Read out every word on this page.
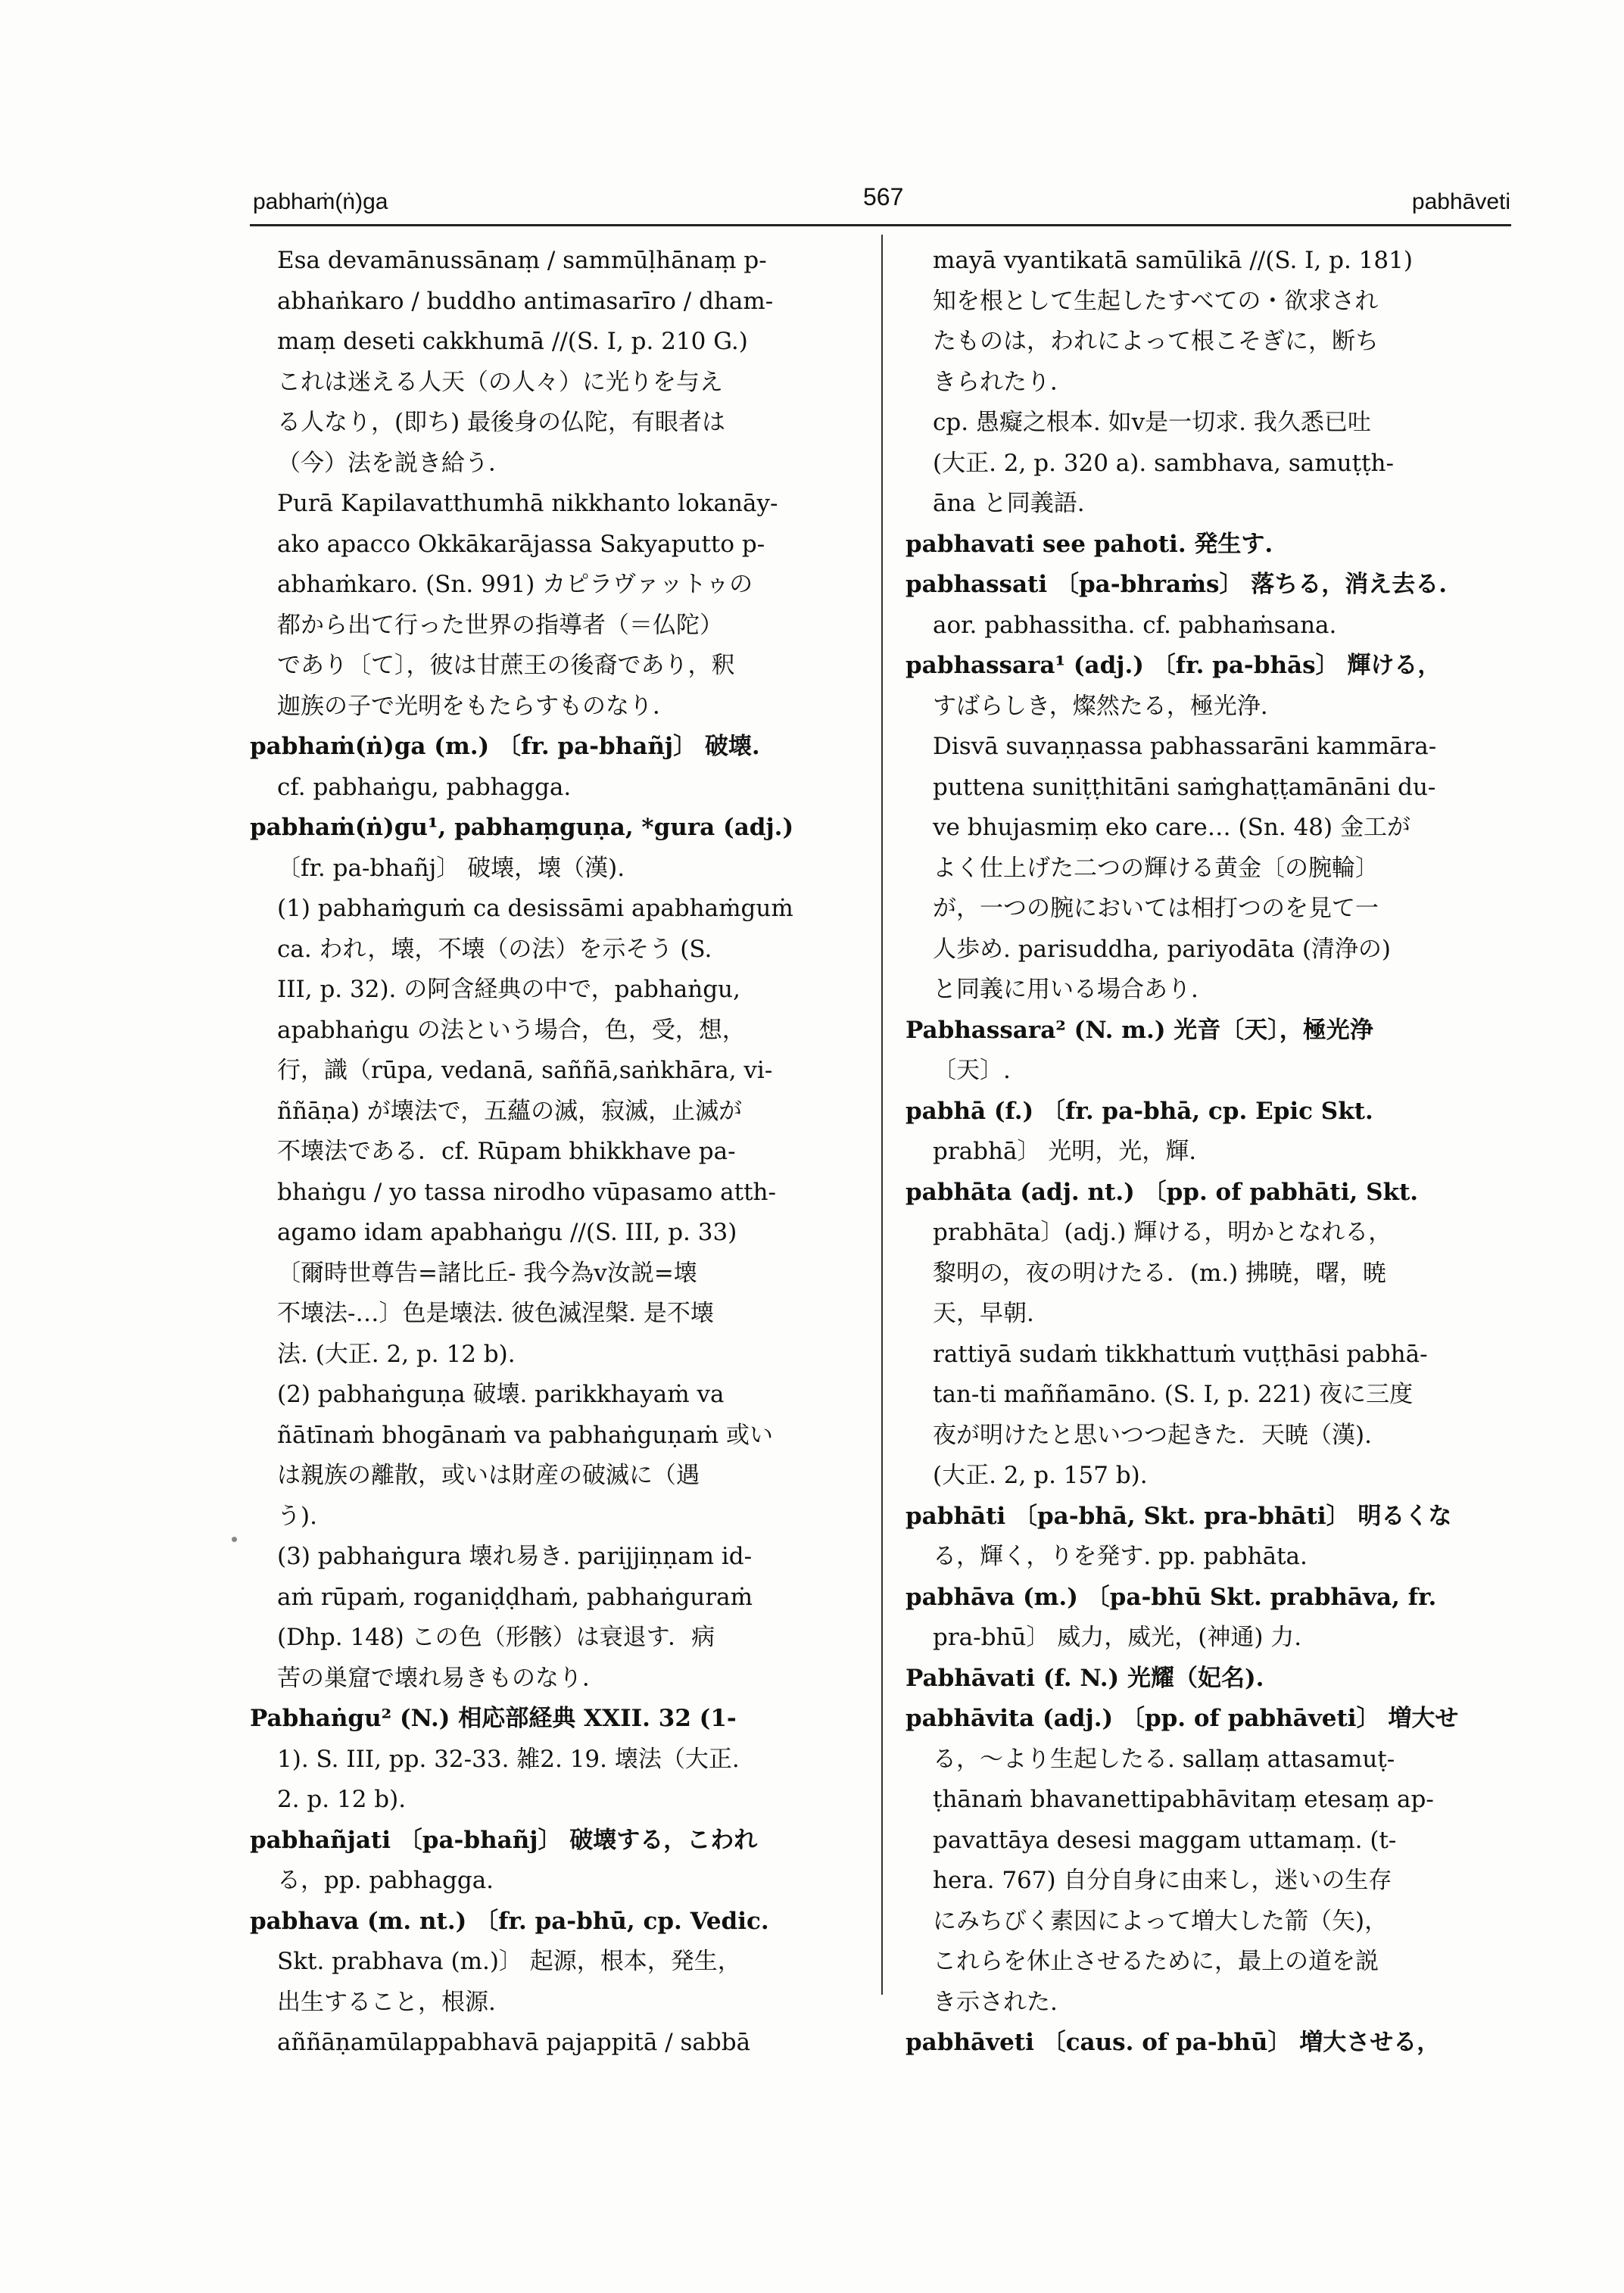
pabhaṁ(ṅ)ga	567	pabhāveti
Esa devamānussānaṃ / sammūḷhānaṃ p-
abhaṅkaro / buddho antimasarīro / dham-
maṃ deseti cakkhumā //(S. I, p. 210 G.)
これは迷える人天（の人々）に光りを与え
る人なり，(即ち) 最後身の仏陀，有眼者は
（今）法を説き給う．
Purā Kapilavatthumhā nikkhanto lokanāy-
ako apacco Okkākarājassa Sakyaputto p-
abhaṁkaro. (Sn. 991) カピラヴァットゥの
都から出て行った世界の指導者（＝仏陀）
であり〔て〕，彼は甘蔗王の後裔であり，釈
迦族の子で光明をもたらすものなり．
pabhaṁ(ṅ)ga (m.) 〔fr. pa-bhañj〕 破壊.
cf. pabhaṅgu, pabhagga.
pabhaṁ(ṅ)gu¹, pabhaṃguṇa, *gura (adj.)
〔fr. pa-bhañj〕 破壊，壊（漢).
(1) pabhaṁguṁ ca desissāmi apabhaṁguṁ
ca. われ，壊，不壊（の法）を示そう (S.
III, p. 32). の阿含経典の中で，pabhaṅgu,
apabhaṅgu の法という場合，色，受，想，
行，識（rūpa, vedanā, saññā,saṅkhāra, vi-
ññāṇa) が壊法で，五蘊の滅，寂滅，止滅が
不壊法である．cf. Rūpam bhikkhave pa-
bhaṅgu / yo tassa nirodho vūpasamo atth-
agamo idam apabhaṅgu //(S. III, p. 33)
〔爾時世尊告=諸比丘- 我今為v汝説=壊
不壊法-…〕色是壊法. 彼色滅涅槃. 是不壊
法. (大正. 2, p. 12 b).
(2) pabhaṅguṇa 破壊. parikkhayaṁ va
ñātīnaṁ bhogānaṁ va pabhaṅguṇaṁ 或い
は親族の離散，或いは財産の破滅に（遇
う).
(3) pabhaṅgura 壊れ易き. parijjiṇṇam id-
aṁ rūpaṁ, roganiḍḍhaṁ, pabhaṅguraṁ
(Dhp. 148) この色（形骸）は衰退す．病
苦の巣窟で壊れ易きものなり．
Pabhaṅgu² (N.) 相応部経典 XXII. 32 (1-
1). S. III, pp. 32-33. 雑2. 19. 壊法（大正.
2. p. 12 b).
pabhañjati 〔pa-bhañj〕 破壊する，こわれ
る，pp. pabhagga.
pabhava (m. nt.) 〔fr. pa-bhū, cp. Vedic.
Skt. prabhava (m.)〕 起源，根本，発生，
出生すること，根源.
aññāṇamūlappabhavā pajappitā / sabbā
mayā vyantikatā samūlikā //(S. I, p. 181)
知を根として生起したすべての・欲求され
たものは，われによって根こそぎに，断ち
きられたり．
cp. 愚癡之根本. 如v是一切求. 我久悉已吐
(大正. 2, p. 320 a). sambhava, samuṭṭh-
āna と同義語.
pabhavati see pahoti. 発生す.
pabhassati 〔pa-bhraṁs〕 落ちる，消え去る.
aor. pabhassitha. cf. pabhaṁsana.
pabhassara¹ (adj.) 〔fr. pa-bhās〕 輝ける，
すばらしき，燦然たる，極光浄.
Disvā suvaṇṇassa pabhassarāni kammāra-
puttena suniṭṭhitāni saṁghaṭṭamānāni du-
ve bhujasmiṃ eko care… (Sn. 48) 金工が
よく仕上げた二つの輝ける黄金〔の腕輪〕
が，一つの腕においては相打つのを見て一
人歩め. parisuddha, pariyodāta (清浄の)
と同義に用いる場合あり.
Pabhassara² (N. m.) 光音〔天〕，極光浄
〔天〕.
pabhā (f.) 〔fr. pa-bhā, cp. Epic Skt.
prabhā〕 光明，光，輝.
pabhāta (adj. nt.) 〔pp. of pabhāti, Skt.
prabhāta〕(adj.) 輝ける，明かとなれる，
黎明の，夜の明けたる．(m.) 拂暁，曙，暁
天，早朝.
rattiyā sudaṁ tikkhattuṁ vuṭṭhāsi pabhā-
tan-ti maññamāno. (S. I, p. 221) 夜に三度
夜が明けたと思いつつ起きた．天暁（漢).
(大正. 2, p. 157 b).
pabhāti 〔pa-bhā, Skt. pra-bhāti〕 明るくな
る，輝く，りを発す. pp. pabhāta.
pabhāva (m.) 〔pa-bhū Skt. prabhāva, fr.
pra-bhū〕 威力，威光，(神通) 力.
Pabhāvati (f. N.) 光耀（妃名).
pabhāvita (adj.) 〔pp. of pabhāveti〕 増大せ
る，～より生起したる. sallaṃ attasamuṭ-
ṭhānaṁ bhavanettipabhāvitaṃ etesaṃ ap-
pavattāya desesi maggam uttamaṃ. (t-
hera. 767) 自分自身に由来し，迷いの生存
にみちびく素因によって増大した箭（矢)，
これらを休止させるために，最上の道を説
き示された.
pabhāveti 〔caus. of pa-bhū〕 増大させる，
